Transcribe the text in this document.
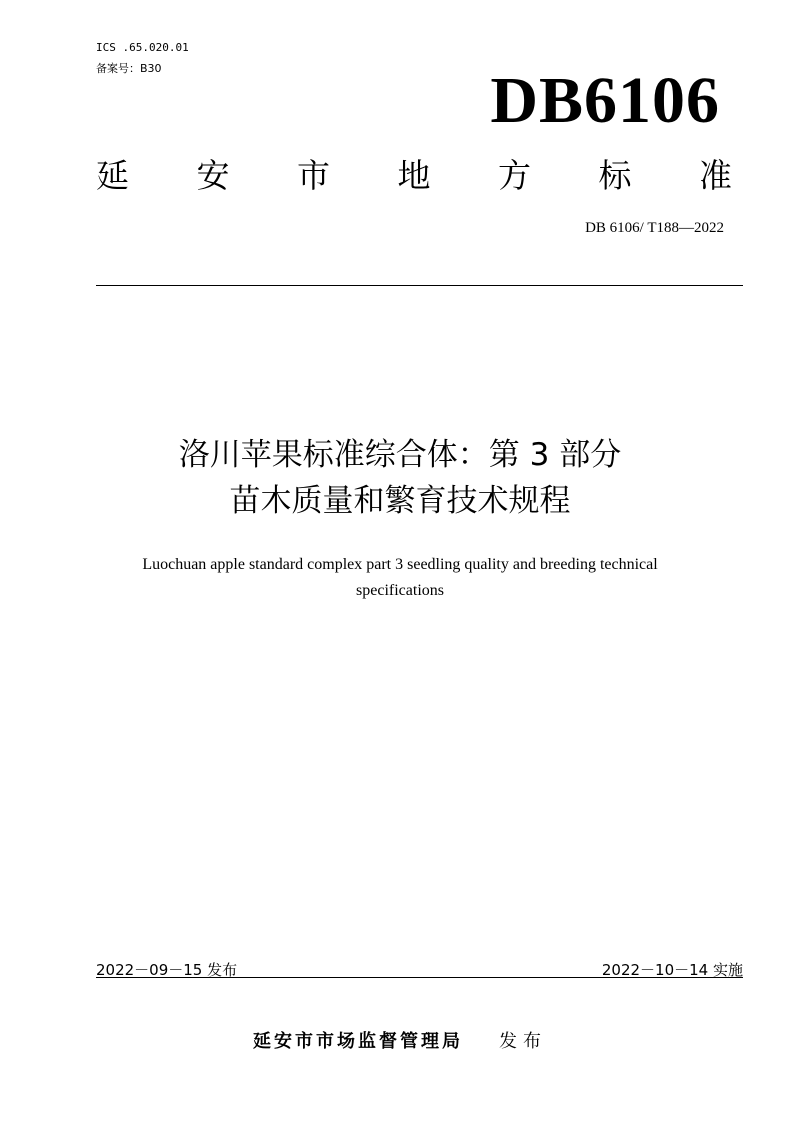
ICS .65.020.01
备案号：B30	DB6106
延 安 市 地 方 标 准
DB 6106/ T188—2022
洛川苹果标准综合体：第 3 部分
苗木质量和繁育技术规程
Luochuan apple standard complex part 3 seedling quality and breeding technical
specifications
2022－09－15 发布	2022－10－14 实施
延安市市场监督管理局 发布
